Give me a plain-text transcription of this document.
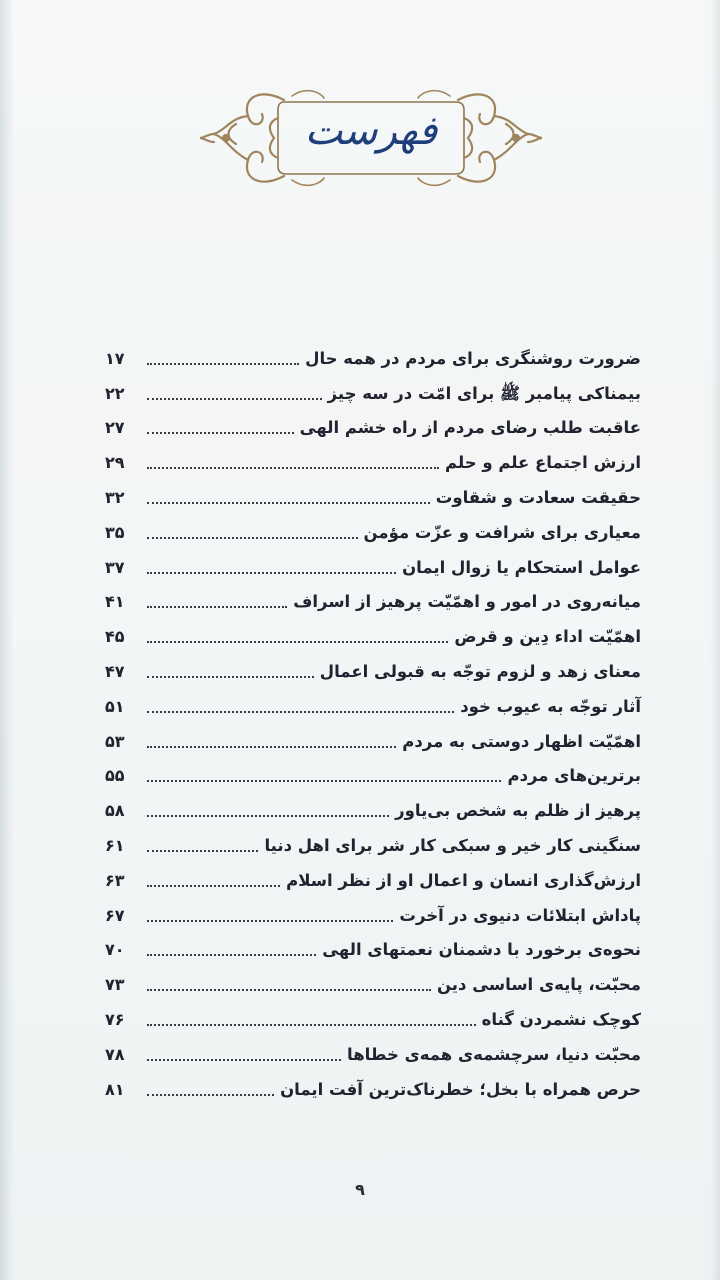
فهرست
ضرورت روشنگری برای مردم در همه حال
۱۷
بیمناکی پیامبر ﷺ برای امّت در سه چیز
۲۲
عاقبت طلب رضای مردم از راه خشم الهی
۲۷
ارزش اجتماع علم و حلم
۲۹
حقیقت سعادت و شقاوت
۳۲
معیاری برای شرافت و عزّت مؤمن
۳۵
عوامل استحکام یا زوال ایمان
۳۷
میانه‌روی در امور و اهمّیّت پرهیز از اسراف
۴۱
اهمّیّت اداء دِین و قرض
۴۵
معنای زهد و لزوم توجّه به قبولی اعمال
۴۷
آثار توجّه به عیوب خود
۵۱
اهمّیّت اظهار دوستی به مردم
۵۳
برترین‌های مردم
۵۵
پرهیز از ظلم به شخص بی‌یاور
۵۸
سنگینی کار خیر و سبکی کار شر برای اهل دنیا
۶۱
ارزش‌گذاری انسان و اعمال او از نظر اسلام
۶۳
پاداش ابتلائات دنیوی در آخرت
۶۷
نحوه‌ی برخورد با دشمنان نعمتهای الهی
۷۰
محبّت، پایه‌ی اساسی دین
۷۳
کوچک نشمردن گناه
۷۶
محبّت دنیا، سرچشمه‌ی همه‌ی خطاها
۷۸
حرص همراه با بخل؛ خطرناک‌ترین آفت ایمان
۸۱
۹
